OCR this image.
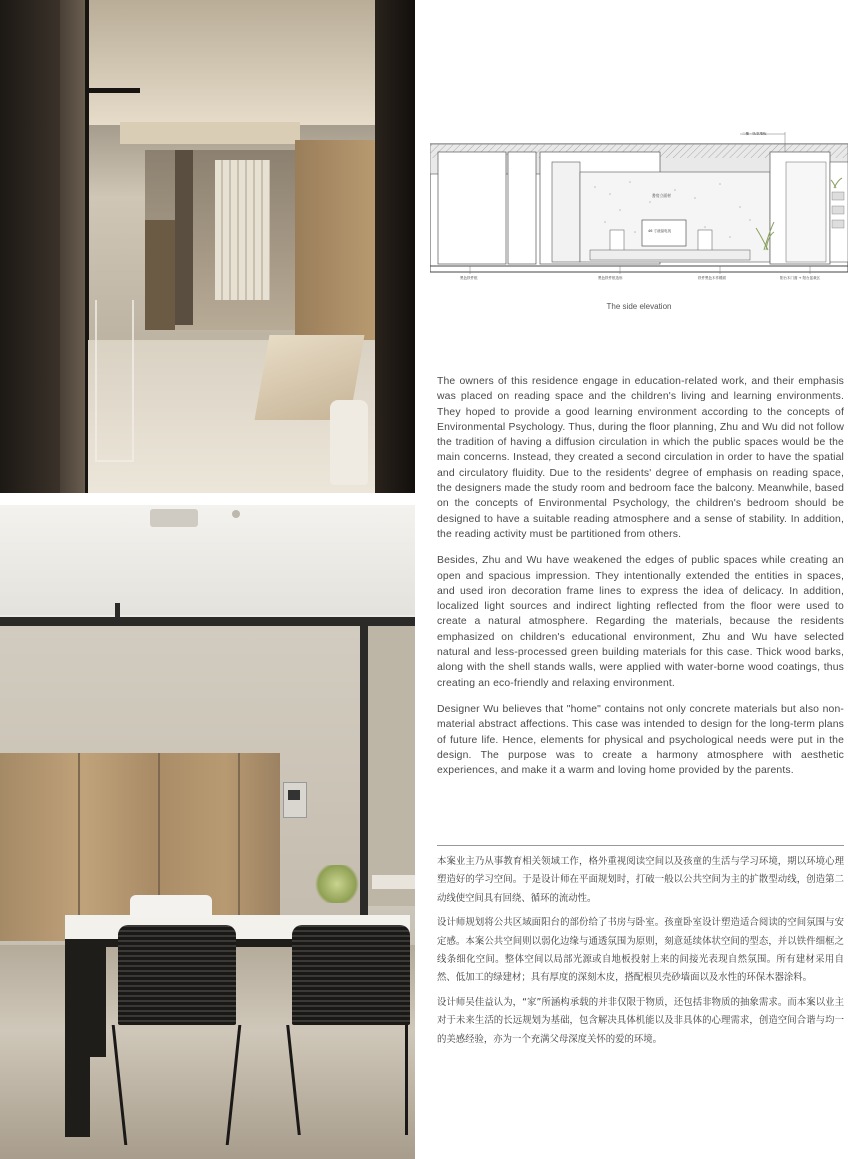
二樓 - 臥室地板
書房立面材
46 寸液晶电视
黑色铁件框	黑色铁件框造形	铁件黑色木作檯面	阳台木门窗 + 阳台盆栽区
The side elevation

The owners of this residence engage in education-related work, and their emphasis was placed on reading space and the children's living and learning environments. They hoped to provide a good learning environment according to the concepts of Environmental Psychology. Thus, during the floor planning, Zhu and Wu did not follow the tradition of having a diffusion circulation in which the public spaces would be the main concerns. Instead, they created a second circulation in order to have the spatial and circulatory fluidity. Due to the residents' degree of emphasis on reading space, the designers made the study room and bedroom face the balcony. Meanwhile, based on the concepts of Environmental Psychology, the children's bedroom should be designed to have a suitable reading atmosphere and a sense of stability. In addition, the reading activity must be partitioned from others.

Besides, Zhu and Wu have weakened the edges of public spaces while creating an open and spacious impression. They intentionally extended the entities in spaces, and used iron decoration frame lines to express the idea of delicacy. In addition, localized light sources and indirect lighting reflected from the floor were used to create a natural atmosphere. Regarding the materials, because the residents emphasized on children's educational environment, Zhu and Wu have selected natural and less-processed green building materials for this case. Thick wood barks, along with the shell stands walls, were applied with water-borne wood coatings, thus creating an eco-friendly and relaxing environment.

Designer Wu believes that "home" contains not only concrete materials but also non-material abstract affections. This case was intended to design for the long-term plans of future life. Hence, elements for physical and psychological needs were put in the design. The purpose was to create a harmony atmosphere with aesthetic experiences, and make it a warm and loving home provided by the parents.

本案业主乃从事教育相关领域工作，格外重视阅读空间以及孩童的生活与学习环境，期以环境心理塑造好的学习空间。于是设计师在平面规划时，打破一般以公共空间为主的扩散型动线，创造第二动线使空间具有回绕、循环的流动性。

设计师规划将公共区域面阳台的部份给了书房与卧室。孩童卧室设计塑造适合阅读的空间氛围与安定感。本案公共空间则以弱化边缘与通透氛围为原则，刻意延续体状空间的型态，并以铁件细框之线条细化空间。整体空间以局部光源或自地板投射上来的间接光表现自然氛围。所有建材采用自然、低加工的绿建材；具有厚度的深刻木皮，搭配根贝壳砂墙面以及水性的环保木器涂料。

设计师吴佳益认为，“家”所涵构承载的并非仅限于物质，还包括非物质的抽象需求。而本案以业主对于未来生活的长远规划为基础，包含解决具体机能以及非具体的心理需求，创造空间合谐与均一的美感经验，亦为一个充满父母深度关怀的爱的环境。
